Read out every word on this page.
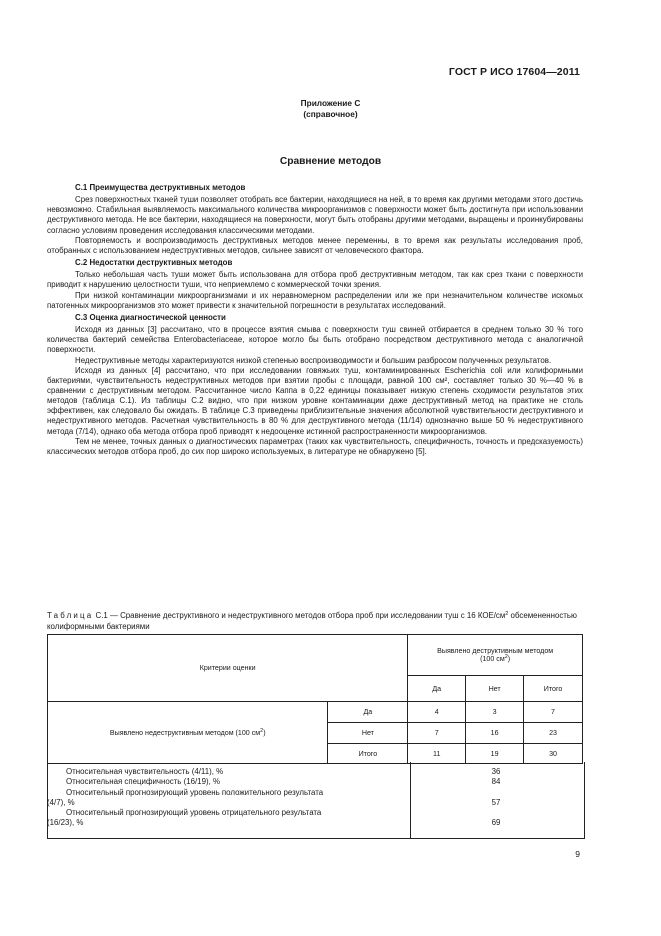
ГОСТ Р ИСО 17604—2011
Приложение С
(справочное)
Сравнение методов

С.1 Преимущества деструктивных методов

Срез поверхностных тканей туши позволяет отобрать все бактерии, находящиеся на ней, в то время как другими методами этого достичь невозможно. Стабильная выявляемость максимального количества микроорганизмов с поверхности может быть достигнута при использовании деструктивного метода. Не все бактерии, находящиеся на поверхности, могут быть отобраны другими методами, выращены и проинкубированы согласно условиям проведения исследования классическими методами.

Повторяемость и воспроизводимость деструктивных методов менее переменны, в то время как результаты исследования проб, отобранных с использованием недеструктивных методов, сильнее зависят от человеческого фактора.

С.2 Недостатки деструктивных методов

Только небольшая часть туши может быть использована для отбора проб деструктивным методом, так как срез ткани с поверхности приводит к нарушению целостности туши, что неприемлемо с коммерческой точки зрения.

При низкой контаминации микроорганизмами и их неравномерном распределении или же при незначительном количестве искомых патогенных микроорганизмов это может привести к значительной погрешности в результатах исследований.

С.3 Оценка диагностической ценности

Исходя из данных [3] рассчитано, что в процессе взятия смыва с поверхности туш свиней отбирается в среднем только 30 % того количества бактерий семейства Enterobacteriaceae, которое могло бы быть отобрано посредством деструктивного метода с аналогичной поверхности.

Недеструктивные методы характеризуются низкой степенью воспроизводимости и большим разбросом полученных результатов.

Исходя из данных [4] рассчитано, что при исследовании говяжьих туш, контаминированных Escherichia coli или колиформными бактериями, чувствительность недеструктивных методов при взятии пробы с площади, равной 100 см², составляет только 30 %—40 % в сравнении с деструктивным методом. Рассчитанное число Каппа в 0,22 единицы показывает низкую степень сходимости результатов этих методов (таблица С.1). Из таблицы С.2 видно, что при низком уровне контаминации даже деструктивный метод на практике не столь эффективен, как следовало бы ожидать. В таблице С.3 приведены приблизительные значения абсолютной чувствительности деструктивного и недеструктивного методов. Расчетная чувствительность в 80 % для деструктивного метода (11/14) однозначно выше 50 % недеструктивного метода (7/14), однако оба метода отбора проб приводят к недооценке истинной распространенности микроорганизмов.

Тем не менее, точных данных о диагностических параметрах (таких как чувствительность, специфичность, точность и предсказуемость) классических методов отбора проб, до сих пор широко используемых, в литературе не обнаружено [5].

Таблица С.1 — Сравнение деструктивного и недеструктивного методов отбора проб при исследовании туш с 16 КОЕ/$см^2$ обсемененностью колиформными бактериями
Критерии оценки		Выявлено деструктивным методом
(100 $см^2$)		
		Да	Нет	Итого
Выявлено недеструктивным методом (100 $см^2$)	Да	4	3	7
	Нет	7	16	23
	Итого	11	19	30
Относительная чувствительность (4/11), %	36
Относительная специфичность (16/19), %	84
Относительный прогнозирующий уровень положительного результата
(4/7), %	57
Относительный прогнозирующий уровень отрицательного результата
(16/23), %	69
9
